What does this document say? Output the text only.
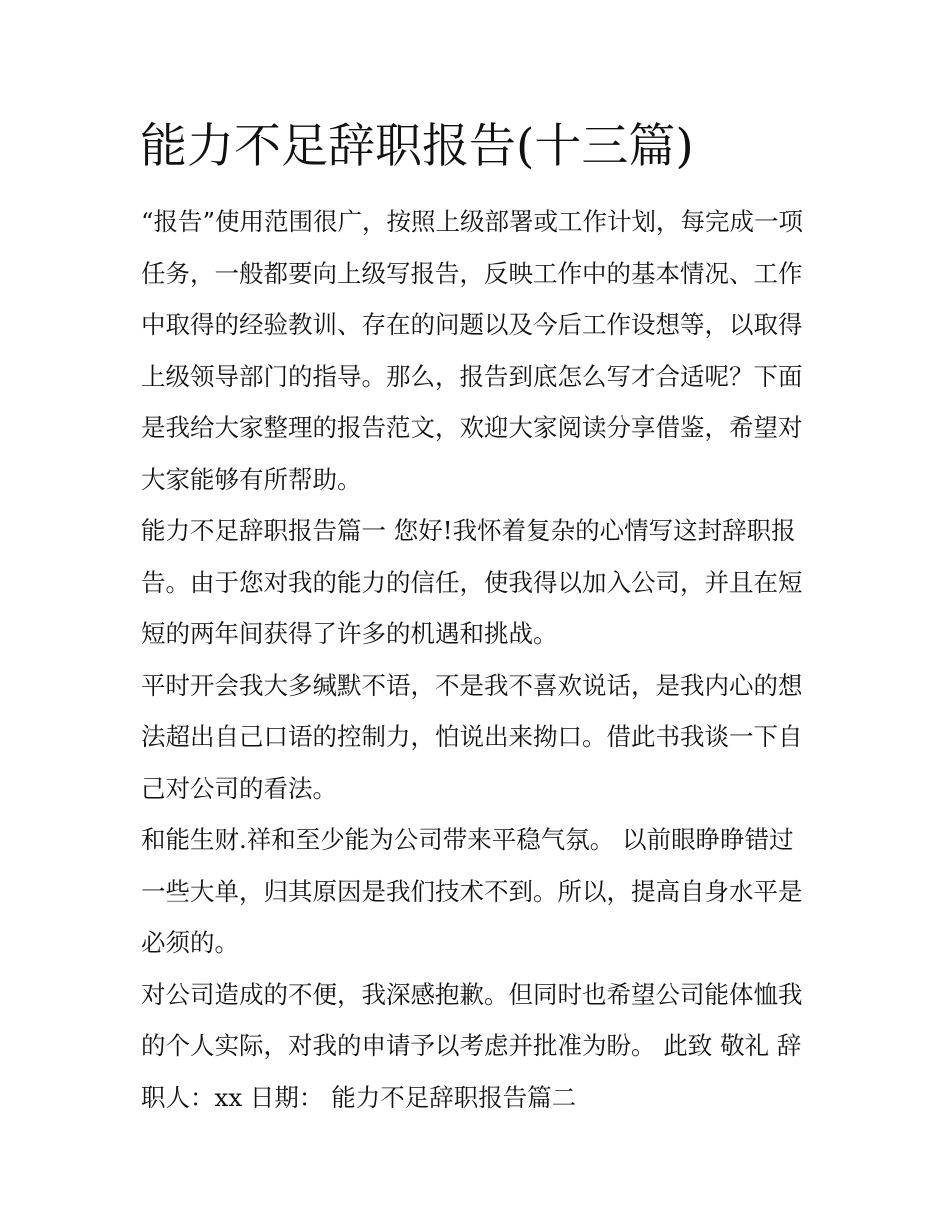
能力不足辞职报告(十三篇)

“报告”使用范围很广，按照上级部署或工作计划，每完成一项
任务，一般都要向上级写报告，反映工作中的基本情况、工作
中取得的经验教训、存在的问题以及今后工作设想等，以取得
上级领导部门的指导。那么，报告到底怎么写才合适呢？下面
是我给大家整理的报告范文，欢迎大家阅读分享借鉴，希望对
大家能够有所帮助。

能力不足辞职报告篇一 您好!我怀着复杂的心情写这封辞职报
告。由于您对我的能力的信任，使我得以加入公司，并且在短
短的两年间获得了许多的机遇和挑战。

平时开会我大多缄默不语，不是我不喜欢说话，是我内心的想
法超出自己口语的控制力，怕说出来拗口。借此书我谈一下自
己对公司的看法。

和能生财.祥和至少能为公司带来平稳气氛。 以前眼睁睁错过
一些大单，归其原因是我们技术不到。所以，提高自身水平是
必须的。

对公司造成的不便，我深感抱歉。但同时也希望公司能体恤我
的个人实际，对我的申请予以考虑并批准为盼。 此致 敬礼 辞
职人：xx 日期： 能力不足辞职报告篇二
